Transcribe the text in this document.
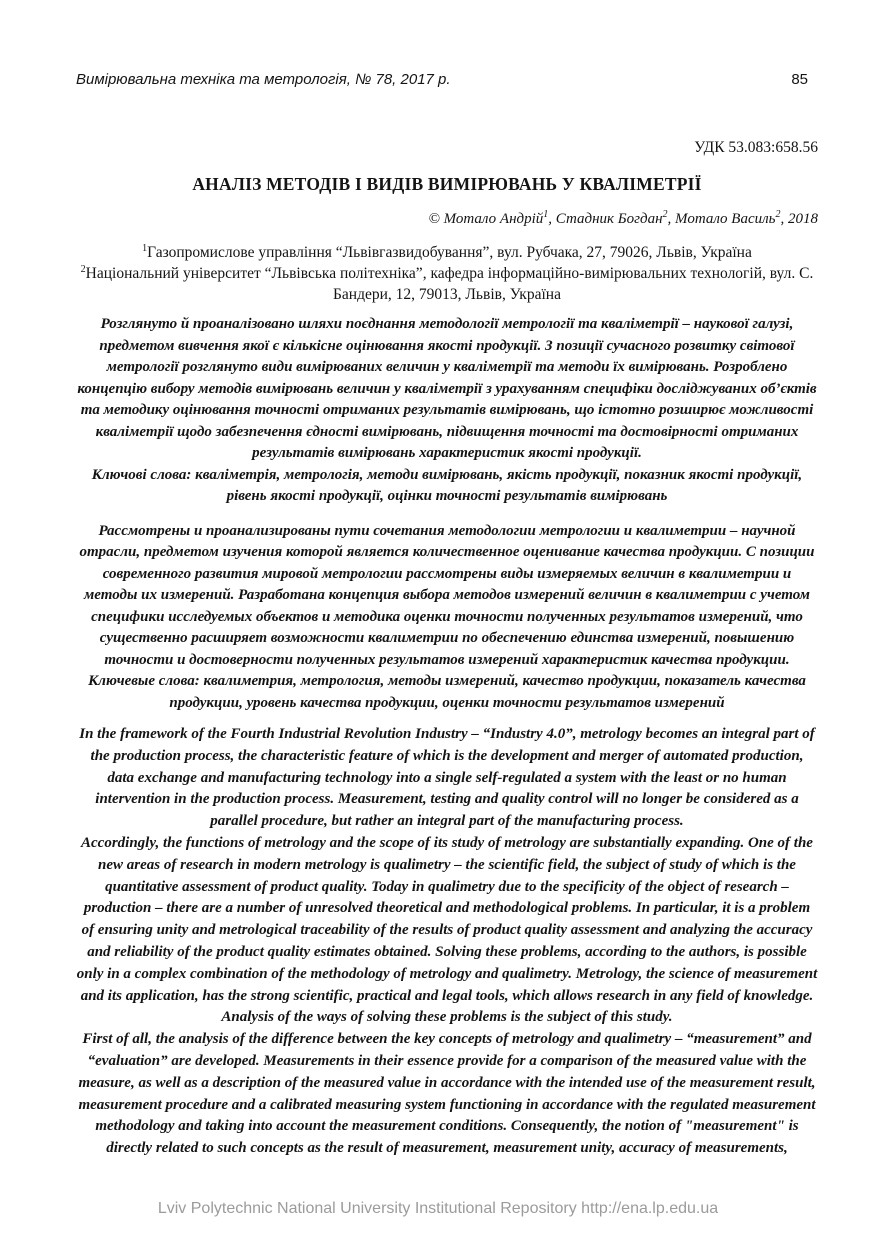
Вимірювальна техніка та метрологія, № 78, 2017 р.	85
УДК 53.083:658.56
АНАЛІЗ МЕТОДІВ І ВИДІВ ВИМІРЮВАНЬ У КВАЛІМЕТРІЇ

© Мотало Андрій$^1$, Стадник Богдан$^2$, Мотало Василь$^2$, 2018

$^1$Газопромислове управління “Львівгазвидобування”, вул. Рубчака, 27, 79026, Львів, Україна

$^2$Національний університет “Львівська політехніка”, кафедра інформаційно-вимірювальних технологій, вул. С. Бандери, 12, 79013, Львів, Україна

Розглянуто й проаналізовано шляхи поєднання методології метрології та кваліметрії – наукової галузі, предметом вивчення якої є кількісне оцінювання якості продукції. З позиції сучасного розвитку світової метрології розглянуто види вимірюваних величин у кваліметрії та методи їх вимірювань. Розроблено концепцію вибору методів вимірювань величин у кваліметрії з урахуванням специфіки досліджуваних об’єктів та методику оцінювання точності отриманих результатів вимірювань, що істотно розширює можливості кваліметрії щодо забезпечення єдності вимірювань, підвищення точності та достовірності отриманих результатів вимірювань характеристик якості продукції.

Ключові слова: кваліметрія, метрологія, методи вимірювань, якість продукції, показник якості продукції, рівень якості продукції, оцінки точності результатів вимірювань

Рассмотрены и проанализированы пути сочетания методологии метрологии и квалиметрии – научной отрасли, предметом изучения которой является количественное оценивание качества продукции. С позиции современного развития мировой метрологии рассмотрены виды измеряемых величин в квалиметрии и методы их измерений. Разработана концепция выбора методов измерений величин в квалиметрии с учетом специфики исследуемых объектов и методика оценки точности полученных результатов измерений, что существенно расширяет возможности квалиметрии по обеспечению единства измерений, повышению точности и достоверности полученных результатов измерений характеристик качества продукции.

Ключевые слова: квалиметрия, метрология, методы измерений, качество продукции, показатель качества продукции, уровень качества продукции, оценки точности результатов измерений

In the framework of the Fourth Industrial Revolution Industry – “Industry 4.0”, metrology becomes an integral part of the production process, the characteristic feature of which is the development and merger of automated production, data exchange and manufacturing technology into a single self-regulated a system with the least or no human intervention in the production process. Measurement, testing and quality control will no longer be considered as a parallel procedure, but rather an integral part of the manufacturing process.

Accordingly, the functions of metrology and the scope of its study of metrology are substantially expanding. One of the new areas of research in modern metrology is qualimetry – the scientific field, the subject of study of which is the quantitative assessment of product quality. Today in qualimetry due to the specificity of the object of research – production – there are a number of unresolved theoretical and methodological problems. In particular, it is a problem of ensuring unity and metrological traceability of the results of product quality assessment and analyzing the accuracy and reliability of the product quality estimates obtained. Solving these problems, according to the authors, is possible only in a complex combination of the methodology of metrology and qualimetry. Metrology, the science of measurement and its application, has the strong scientific, practical and legal tools, which allows research in any field of knowledge. Analysis of the ways of solving these problems is the subject of this study.

First of all, the analysis of the difference between the key concepts of metrology and qualimetry – “measurement” and “evaluation” are developed. Measurements in their essence provide for a comparison of the measured value with the measure, as well as a description of the measured value in accordance with the intended use of the measurement result, measurement procedure and a calibrated measuring system functioning in accordance with the regulated measurement methodology and taking into account the measurement conditions. Consequently, the notion of "measurement" is directly related to such concepts as the result of measurement, measurement unity, accuracy of measurements,

Lviv Polytechnic National University Institutional Repository http://ena.lp.edu.ua
